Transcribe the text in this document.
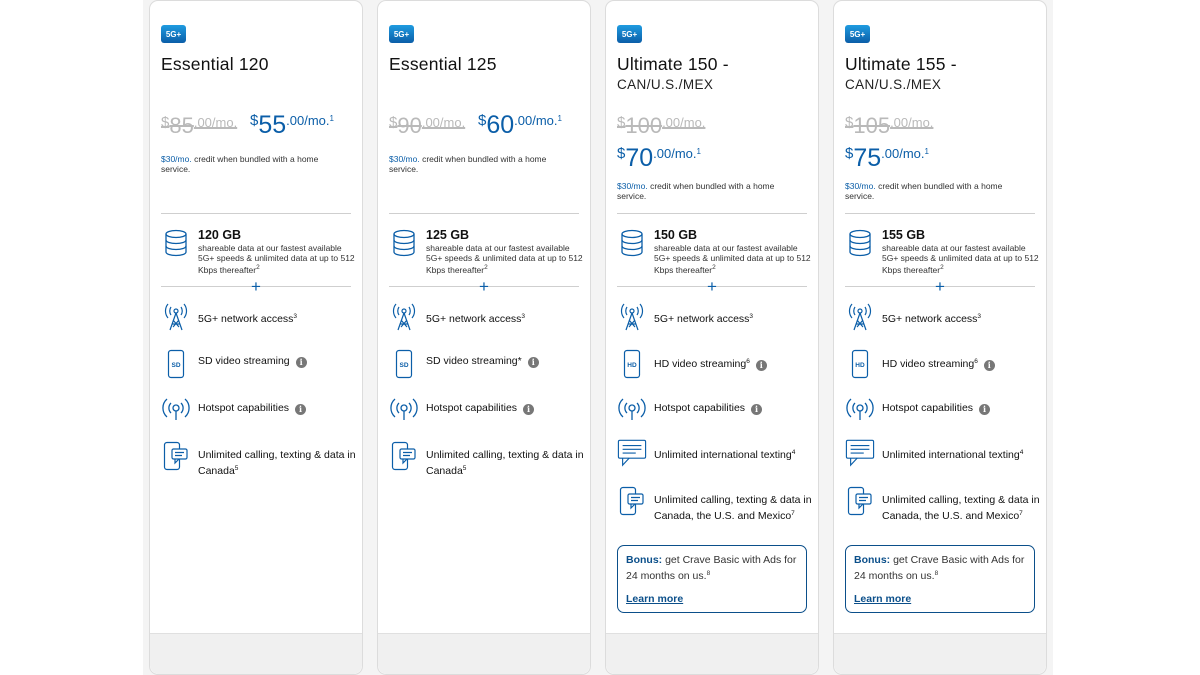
5G+
Essential 120
$^{\$}85^{.00/mo.}$ $^{\$}55^{.00/mo.1}$
$30/mo. credit when bundled with a home service.
120 GB
shareable data at our fastest available 5G+ speeds & unlimited data at up to 512 Kbps thereafter$^2$
+
5G+ network access$^3$
SD SD video streaming i
Hotspot capabilities i
Unlimited calling, texting & data in Canada$^5$
5G+
Essential 125
$^{\$}90^{.00/mo.}$ $^{\$}60^{.00/mo.1}$
$30/mo. credit when bundled with a home service.
125 GB
shareable data at our fastest available 5G+ speeds & unlimited data at up to 512 Kbps thereafter$^2$
+
5G+ network access$^3$
SD SD video streaming* i
Hotspot capabilities i
Unlimited calling, texting & data in Canada$^5$
5G+
Ultimate 150 -
CAN/U.S./MEX
$^{\$}100^{.00/mo.}$
$^{\$}70^{.00/mo.1}$
$30/mo. credit when bundled with a home service.
150 GB
shareable data at our fastest available 5G+ speeds & unlimited data at up to 512 Kbps thereafter$^2$
+
5G+ network access$^3$
HD HD video streaming$^6$ i
Hotspot capabilities i
Unlimited international texting$^4$
Unlimited calling, texting & data in Canada, the U.S. and Mexico$^7$
Bonus: get Crave Basic with Ads for 24 months on us.$^8$
Learn more
5G+
Ultimate 155 -
CAN/U.S./MEX
$^{\$}105^{.00/mo.}$
$^{\$}75^{.00/mo.1}$
$30/mo. credit when bundled with a home service.
155 GB
shareable data at our fastest available 5G+ speeds & unlimited data at up to 512 Kbps thereafter$^2$
+
5G+ network access$^3$
HD HD video streaming$^6$ i
Hotspot capabilities i
Unlimited international texting$^4$
Unlimited calling, texting & data in Canada, the U.S. and Mexico$^7$
Bonus: get Crave Basic with Ads for 24 months on us.$^8$
Learn more
